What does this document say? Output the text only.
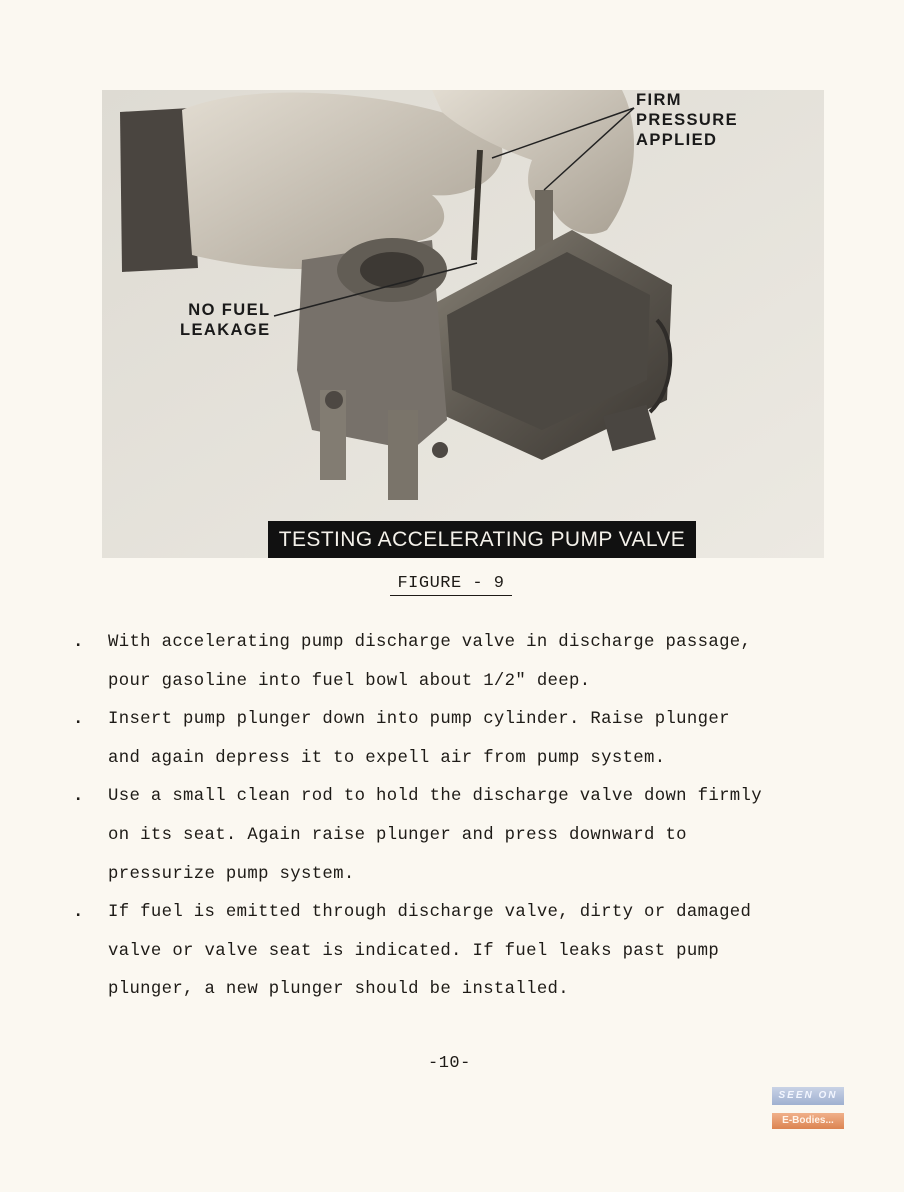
FIRM
PRESSURE
APPLIED
NO FUEL
LEAKAGE
TESTING ACCELERATING PUMP VALVE
FIGURE - 9
. With accelerating pump discharge valve in discharge passage,
pour gasoline into fuel bowl about 1/2" deep.
. Insert pump plunger down into pump cylinder. Raise plunger
and again depress it to expell air from pump system.
. Use a small clean rod to hold the discharge valve down firmly
on its seat. Again raise plunger and press downward to
pressurize pump system.
. If fuel is emitted through discharge valve, dirty or damaged
valve or valve seat is indicated. If fuel leaks past pump
plunger, a new plunger should be installed.
-10-
SEEN ON
E-Bodies...
